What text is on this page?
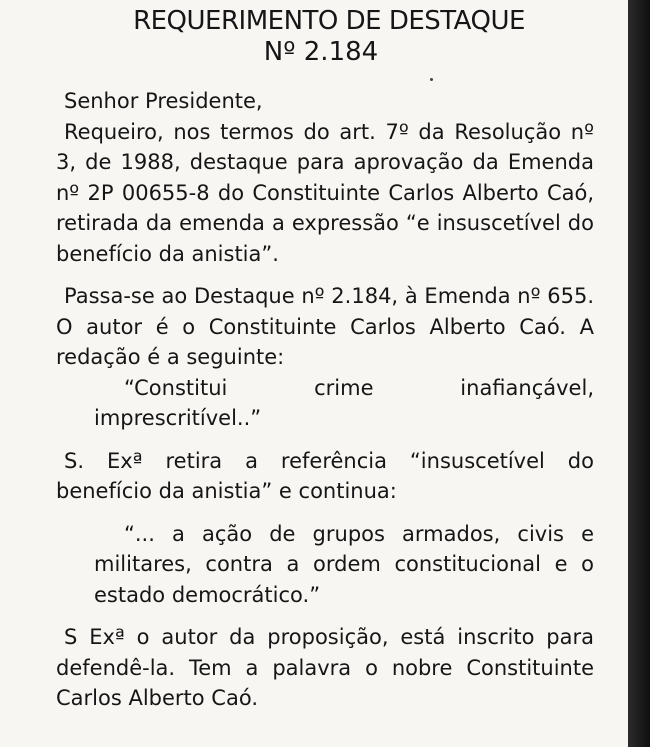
REQUERIMENTO DE DESTAQUE
Nº 2.184

Senhor Presidente,

Requeiro, nos termos do art. 7º da Resolução nº 3, de 1988, destaque para aprovação da Emenda nº 2P 00655-8 do Constituinte Carlos Alberto Caó, retirada da emenda a expressão “e insuscetível do benefício da anistia”.

Passa-se ao Destaque nº 2.184, à Emenda nº 655. O autor é o Constituinte Carlos Alberto Caó. A redação é a seguinte:

“Constitui crime inafiançável, imprescritível..”

S. Exª retira a referência “insuscetível do benefício da anistia” e continua:

“... a ação de grupos armados, civis e militares, contra a ordem constitucional e o estado democrático.”

S Exª o autor da proposição, está inscrito para defendê-la. Tem a palavra o nobre Constituinte Carlos Alberto Caó.
